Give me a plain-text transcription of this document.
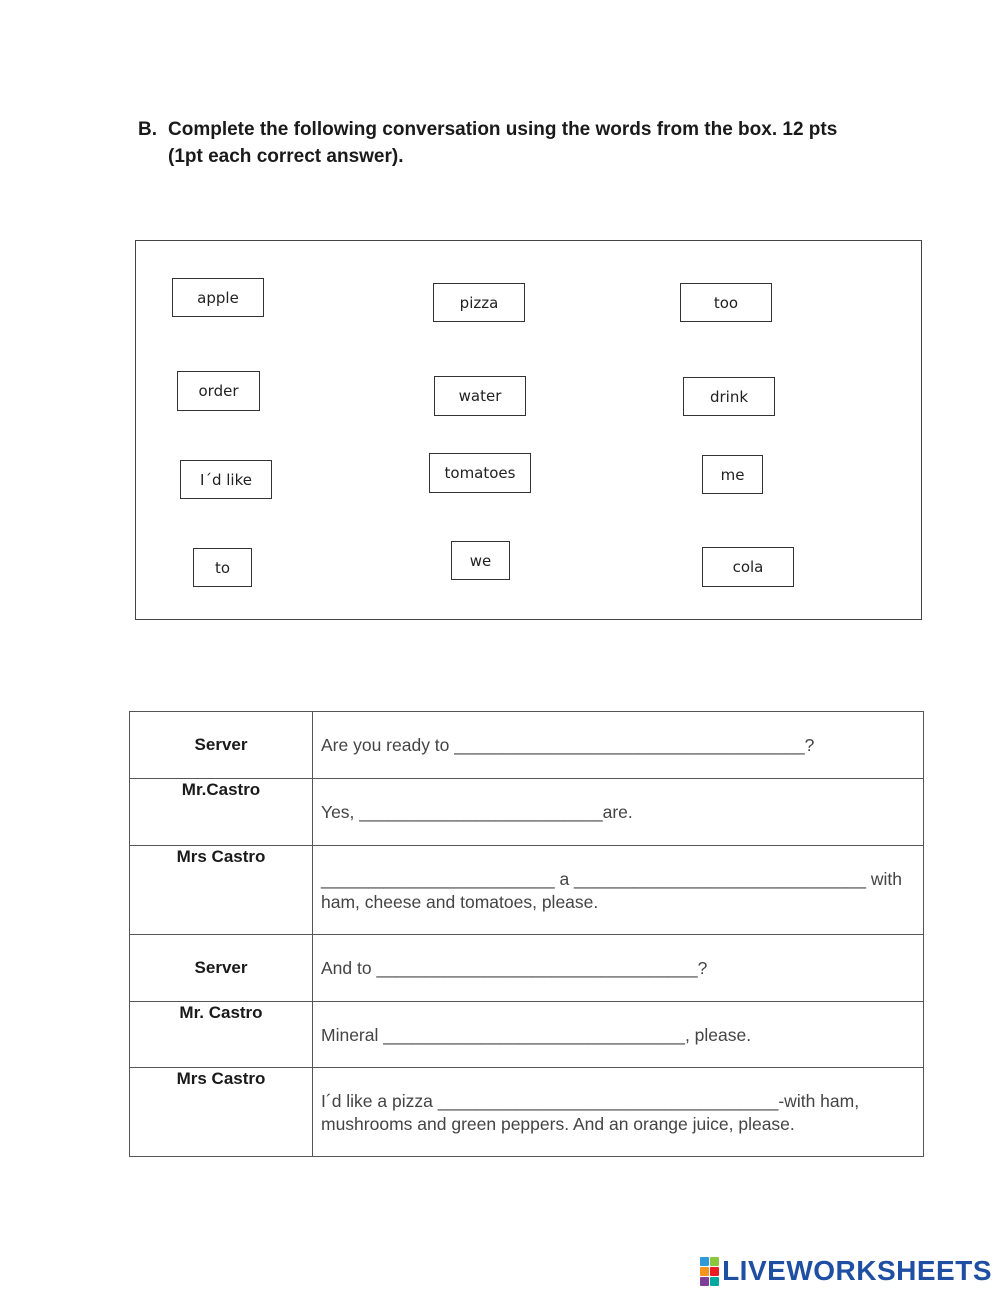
B. Complete the following conversation using the words from the box. 12 pts (1pt each correct answer).
apple	pizza	too
order	water	drink
I´d like	tomatoes	me
to	we	cola
Server	Are you ready to ____________________________________?

Mr.Castro	Yes, _________________________are.

Mrs Castro	________________________ a ______________________________ with ham, cheese and tomatoes, please.

Server	And to _________________________________?

Mr. Castro	Mineral _______________________________, please.

Mrs Castro	I´d like a pizza ___________________________________-with ham, mushrooms and green peppers. And an orange juice, please.
LIVEWORKSHEETS
